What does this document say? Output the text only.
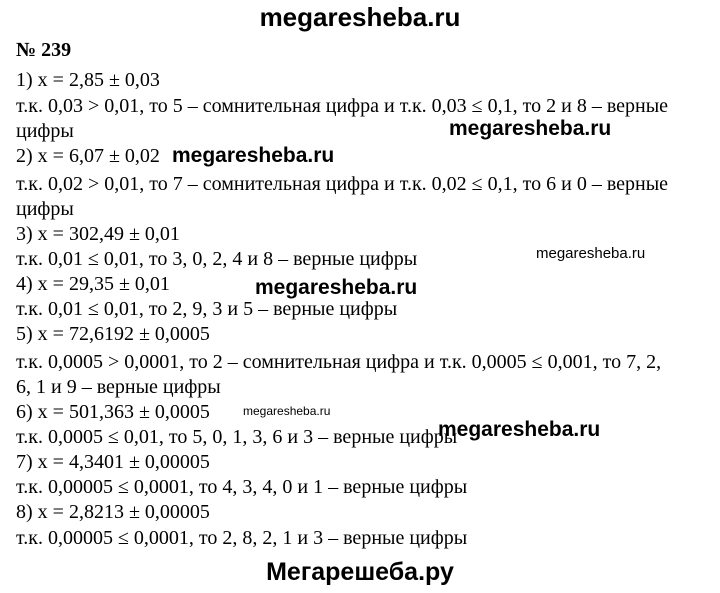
megaresheba.ru
№ 239
1) x = 2,85 ± 0,03
т.к. 0,03 > 0,01, то 5 – сомнительная цифра и т.к. 0,03 ≤ 0,1, то 2 и 8 – верные
цифры
2) x = 6,07 ± 0,02
т.к. 0,02 > 0,01, то 7 – сомнительная цифра и т.к. 0,02 ≤ 0,1, то 6 и 0 – верные
цифры
3) x = 302,49 ± 0,01
т.к. 0,01 ≤ 0,01, то 3, 0, 2, 4 и 8 – верные цифры
4) x = 29,35 ± 0,01
т.к. 0,01 ≤ 0,01, то 2, 9, 3 и 5 – верные цифры
5) x = 72,6192 ± 0,0005
т.к. 0,0005 > 0,0001, то 2 – сомнительная цифра и т.к. 0,0005 ≤ 0,001, то 7, 2,
6, 1 и 9 – верные цифры
6) x = 501,363 ± 0,0005
т.к. 0,0005 ≤ 0,01, то 5, 0, 1, 3, 6 и 3 – верные цифры
7) x = 4,3401 ± 0,00005
т.к. 0,00005 ≤ 0,0001, то 4, 3, 4, 0 и 1 – верные цифры
8) x = 2,8213 ± 0,00005
т.к. 0,00005 ≤ 0,0001, то 2, 8, 2, 1 и 3 – верные цифры
megaresheba.ru
megaresheba.ru
megaresheba.ru
megaresheba.ru
megaresheba.ru
megaresheba.ru
Мегарешеба.ру
